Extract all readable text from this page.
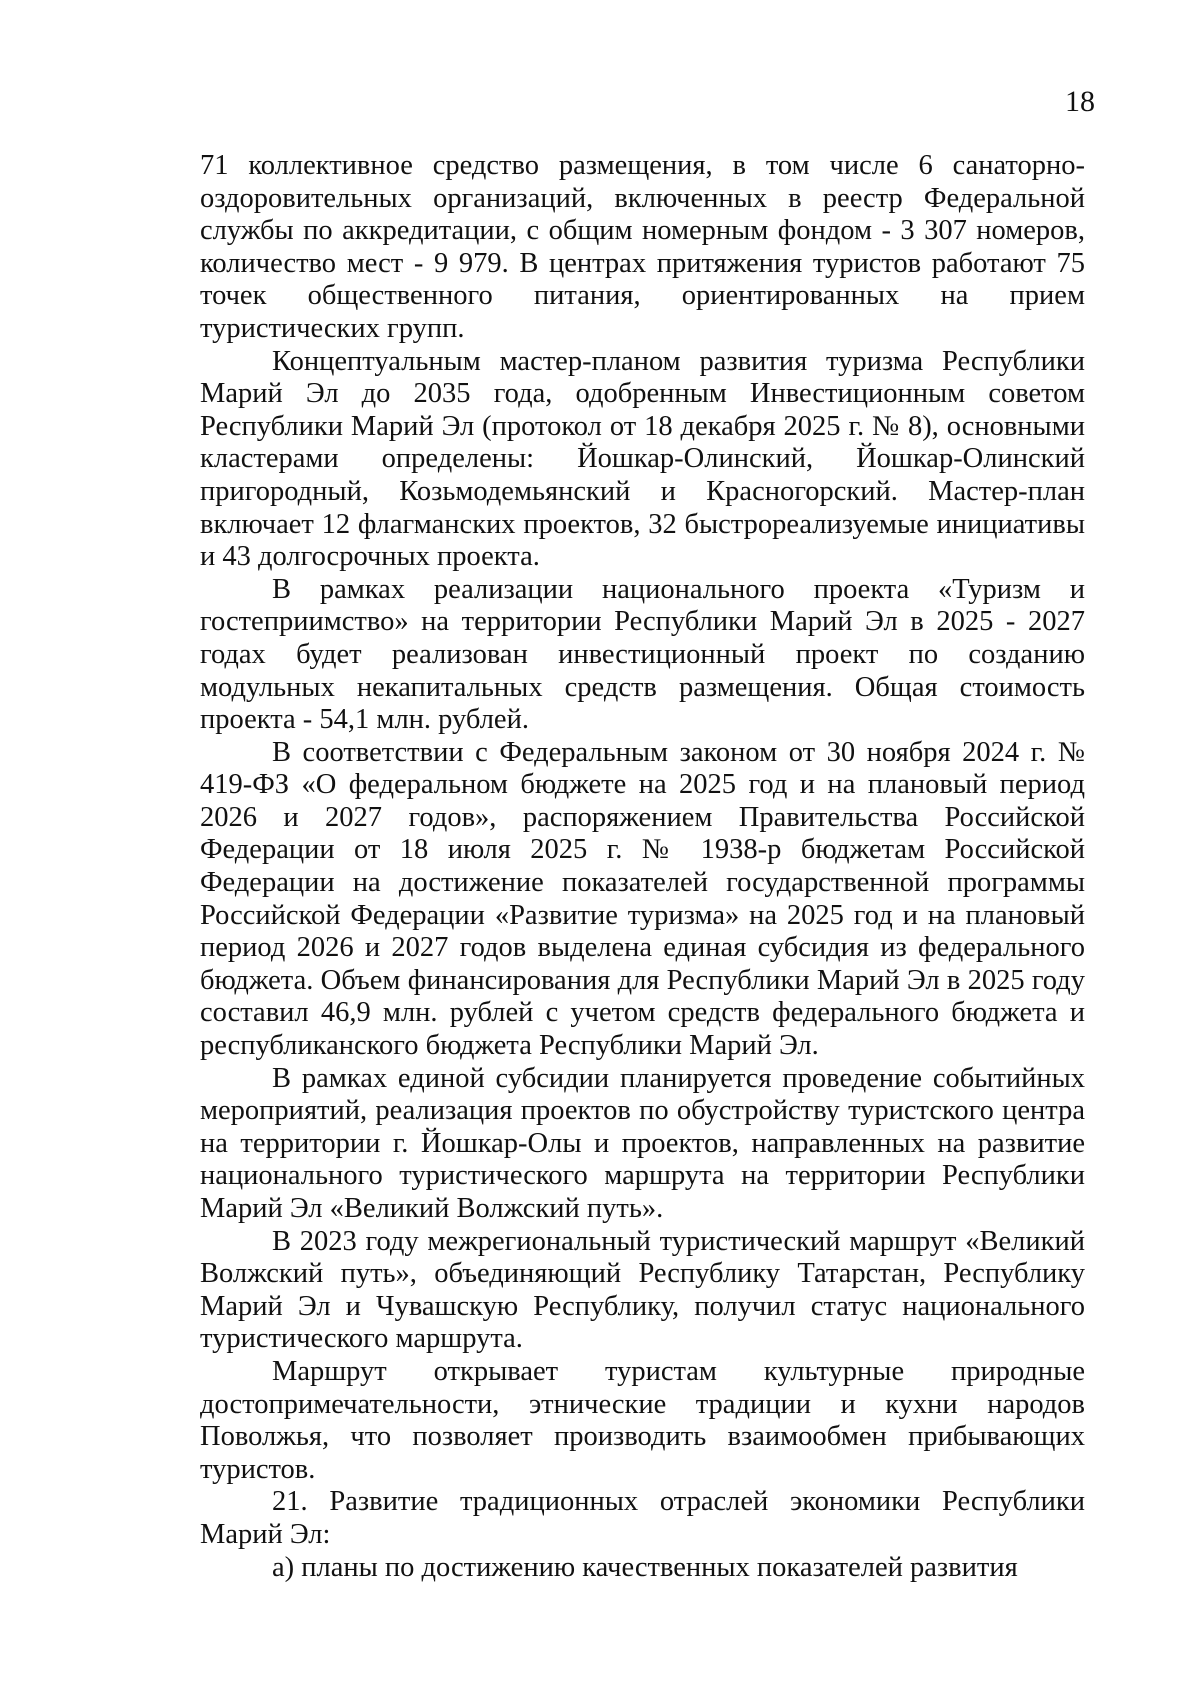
18

71 коллективное средство размещения, в том числе 6 санаторно-оздоровительных организаций, включенных в реестр Федеральной службы по аккредитации, с общим номерным фондом - 3 307 номеров, количество мест - 9 979. В центрах притяжения туристов работают 75 точек общественного питания, ориентированных на прием туристических групп.

Концептуальным мастер-планом развития туризма Республики Марий Эл до 2035 года, одобренным Инвестиционным советом Республики Марий Эл (протокол от 18 декабря 2025 г. № 8), основными кластерами определены: Йошкар-Олинский, Йошкар-Олинский пригородный, Козьмодемьянский и Красногорский. Мастер-план включает 12 флагманских проектов, 32 быстрореализуемые инициативы и 43 долгосрочных проекта.

В рамках реализации национального проекта «Туризм и гостеприимство» на территории Республики Марий Эл в 2025 - 2027 годах будет реализован инвестиционный проект по созданию модульных некапитальных средств размещения. Общая стоимость проекта - 54,1 млн. рублей.

В соответствии с Федеральным законом от 30 ноября 2024 г. № 419-ФЗ «О федеральном бюджете на 2025 год и на плановый период 2026 и 2027 годов», распоряжением Правительства Российской Федерации от 18 июля 2025 г. № 1938-р бюджетам Российской Федерации на достижение показателей государственной программы Российской Федерации «Развитие туризма» на 2025 год и на плановый период 2026 и 2027 годов выделена единая субсидия из федерального бюджета. Объем финансирования для Республики Марий Эл в 2025 году составил 46,9 млн. рублей с учетом средств федерального бюджета и республиканского бюджета Республики Марий Эл.

В рамках единой субсидии планируется проведение событийных мероприятий, реализация проектов по обустройству туристского центра на территории г. Йошкар-Олы и проектов, направленных на развитие национального туристического маршрута на территории Республики Марий Эл «Великий Волжский путь».

В 2023 году межрегиональный туристический маршрут «Великий Волжский путь», объединяющий Республику Татарстан, Республику Марий Эл и Чувашскую Республику, получил статус национального туристического маршрута.

Маршрут открывает туристам культурные природные достопримечательности, этнические традиции и кухни народов Поволжья, что позволяет производить взаимообмен прибывающих туристов.

21. Развитие традиционных отраслей экономики Республики Марий Эл:

а) планы по достижению качественных показателей развития
